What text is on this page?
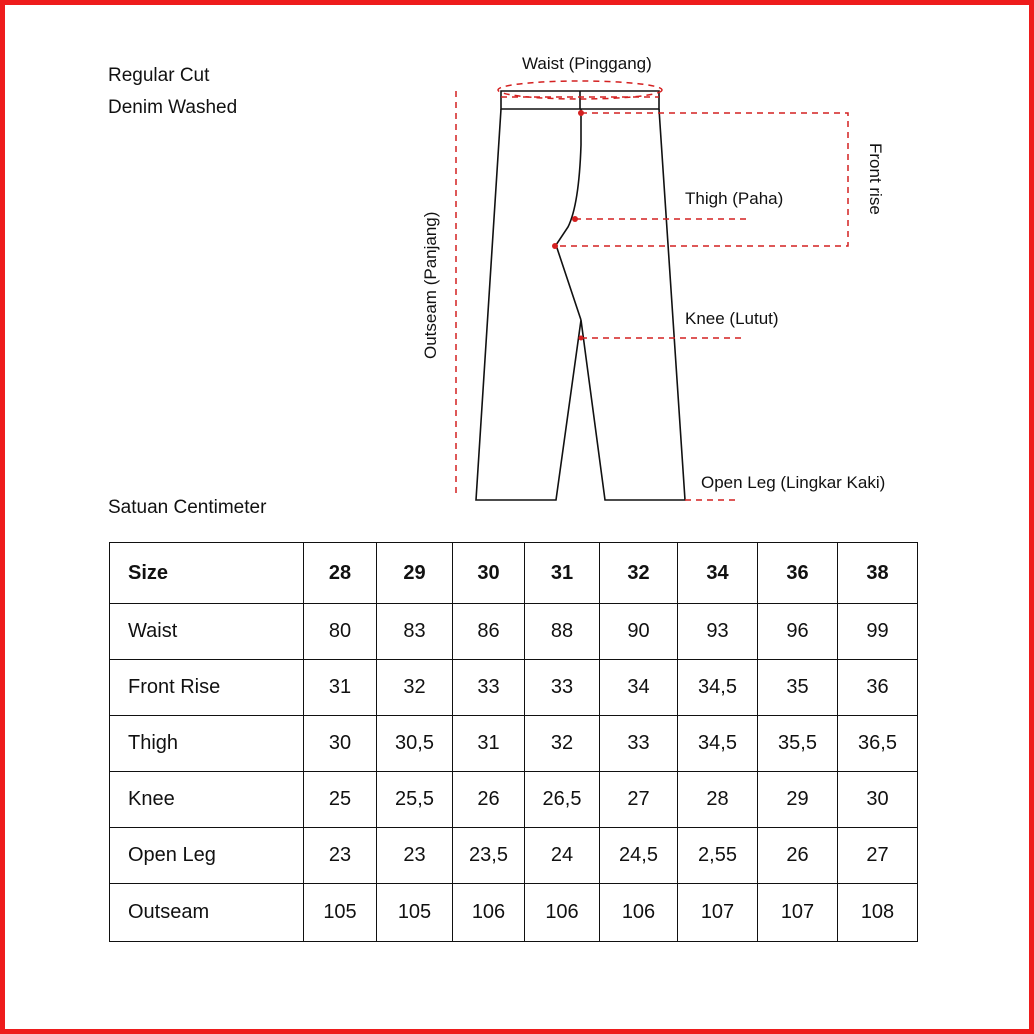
Regular Cut

Denim Washed

Waist (Pinggang)
Front rise
Thigh (Paha)
Outseam (Panjang)	Knee (Lutut)
Open Leg (Lingkar Kaki)
Satuan Centimeter
Size	28	29	30	31	32	34	36	38
Waist	80	83	86	88	90	93	96	99
Front Rise	31	32	33	33	34	34,5	35	36
Thigh	30	30,5	31	32	33	34,5	35,5	36,5
Knee	25	25,5	26	26,5	27	28	29	30
Open Leg	23	23	23,5	24	24,5	2,55	26	27
Outseam	105	105	106	106	106	107	107	108
